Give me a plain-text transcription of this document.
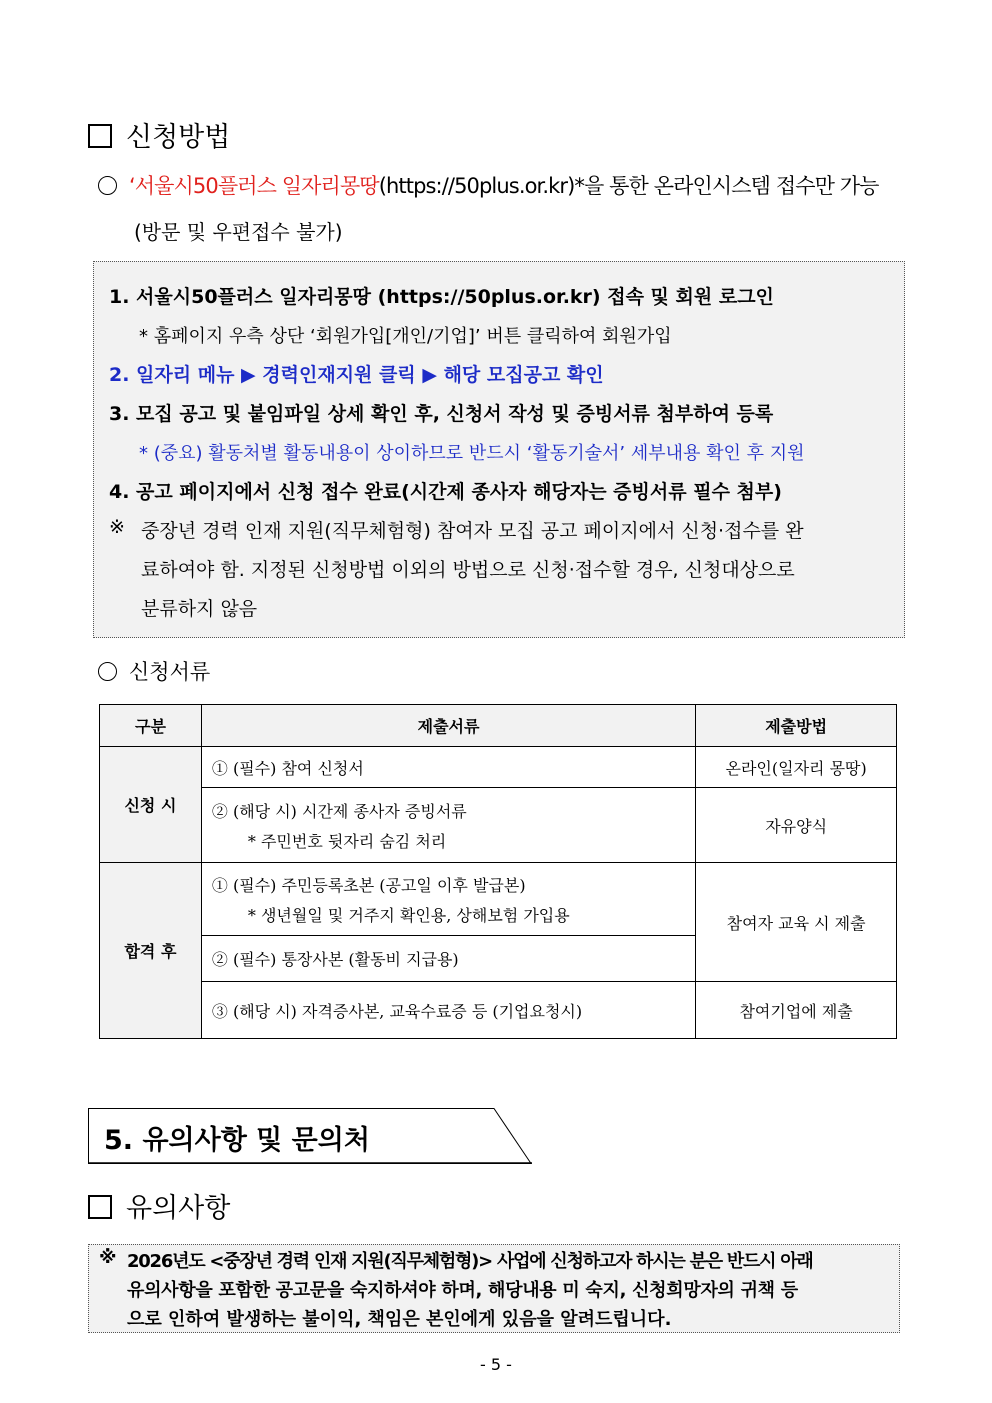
신청방법
‘서울시50플러스 일자리몽땅(https://50plus.or.kr)*을 통한 온라인시스템 접수만 가능
(방문 및 우편접수 불가)
1. 서울시50플러스 일자리몽땅 (https://50plus.or.kr) 접속 및 회원 로그인
* 홈페이지 우측 상단 ‘회원가입[개인/기업]’ 버튼 클릭하여 회원가입
2. 일자리 메뉴 ▶ 경력인재지원 클릭 ▶ 해당 모집공고 확인
3. 모집 공고 및 붙임파일 상세 확인 후, 신청서 작성 및 증빙서류 첨부하여 등록
* (중요) 활동처별 활동내용이 상이하므로 반드시 ‘활동기술서’ 세부내용 확인 후 지원
4. 공고 페이지에서 신청 접수 완료(시간제 종사자 해당자는 증빙서류 필수 첨부)
※ 중장년 경력 인재 지원(직무체험형) 참여자 모집 공고 페이지에서 신청·접수를 완
료하여야 함. 지정된 신청방법 이외의 방법으로 신청·접수할 경우, 신청대상으로
분류하지 않음
신청서류
구분	제출서류	제출방법
신청 시	① (필수) 참여 신청서	온라인(일자리 몽땅)

	② (해당 시) 시간제 종사자 증빙서류
* 주민번호 뒷자리 숨김 처리	자유양식
합격 후	① (필수) 주민등록초본 (공고일 이후 발급본)
* 생년월일 및 거주지 확인용, 상해보험 가입용	참여자 교육 시 제출
	② (필수) 통장사본 (활동비 지급용)	
	③ (해당 시) 자격증사본, 교육수료증 등 (기업요청시)	참여기업에 제출
5. 유의사항 및 문의처
유의사항
※ 2026년도 <중장년 경력 인재 지원(직무체험형)> 사업에 신청하고자 하시는 분은 반드시 아래
유의사항을 포함한 공고문을 숙지하셔야 하며, 해당내용 미 숙지, 신청희망자의 귀책 등
으로 인하여 발생하는 불이익, 책임은 본인에게 있음을 알려드립니다.
- 5 -
